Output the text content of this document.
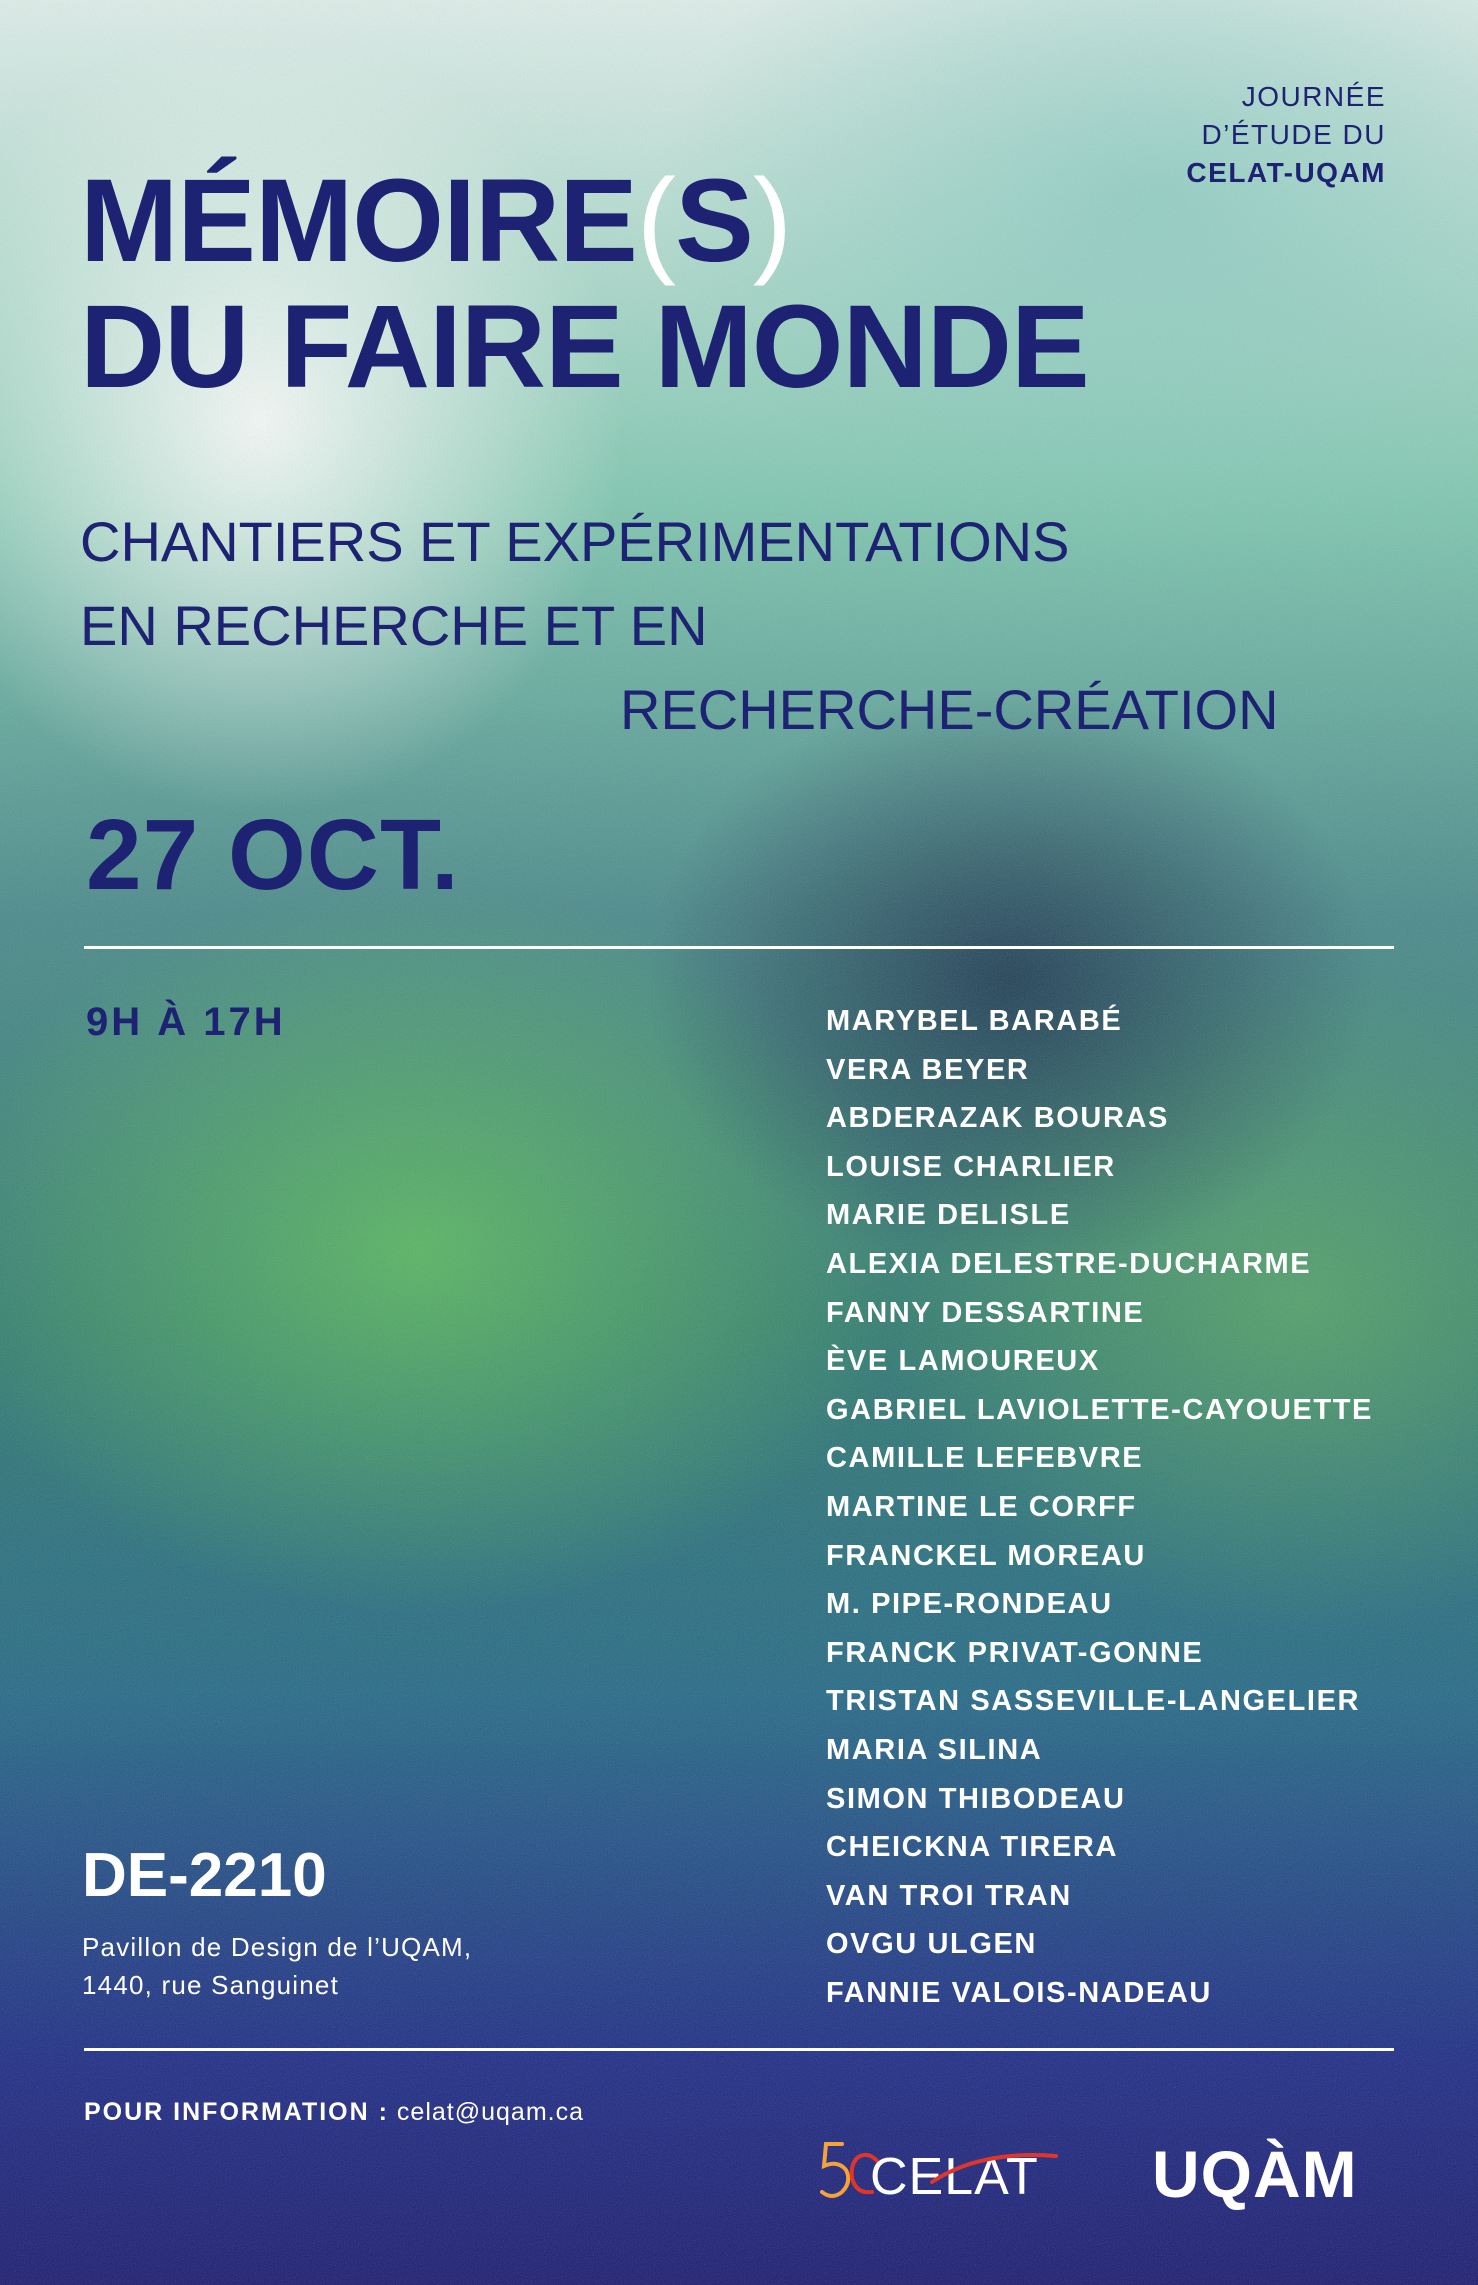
JOURNÉE
D’ÉTUDE DU
CELAT-UQAM
MÉMOIRE(S)
DU FAIRE MONDE
CHANTIERS ET EXPÉRIMENTATIONS
EN RECHERCHE ET EN
RECHERCHE-CRÉATION
27 OCT.
9H À 17H	MARYBEL BARABÉ
VERA BEYER
ABDERAZAK BOURAS
LOUISE CHARLIER
MARIE DELISLE
ALEXIA DELESTRE-DUCHARME
FANNY DESSARTINE
ÈVE LAMOUREUX
GABRIEL LAVIOLETTE-CAYOUETTE
CAMILLE LEFEBVRE
MARTINE LE CORFF
FRANCKEL MOREAU
M. PIPE-RONDEAU
FRANCK PRIVAT-GONNE
TRISTAN SASSEVILLE-LANGELIER
MARIA SILINA
SIMON THIBODEAU
CHEICKNA TIRERA
VAN TROI TRAN
OVGU ULGEN
FANNIE VALOIS-NADEAU
DE-2210
Pavillon de Design de l’UQAM,
1440, rue Sanguinet
POUR INFORMATION : celat@uqam.ca
CELAT UQÀM
